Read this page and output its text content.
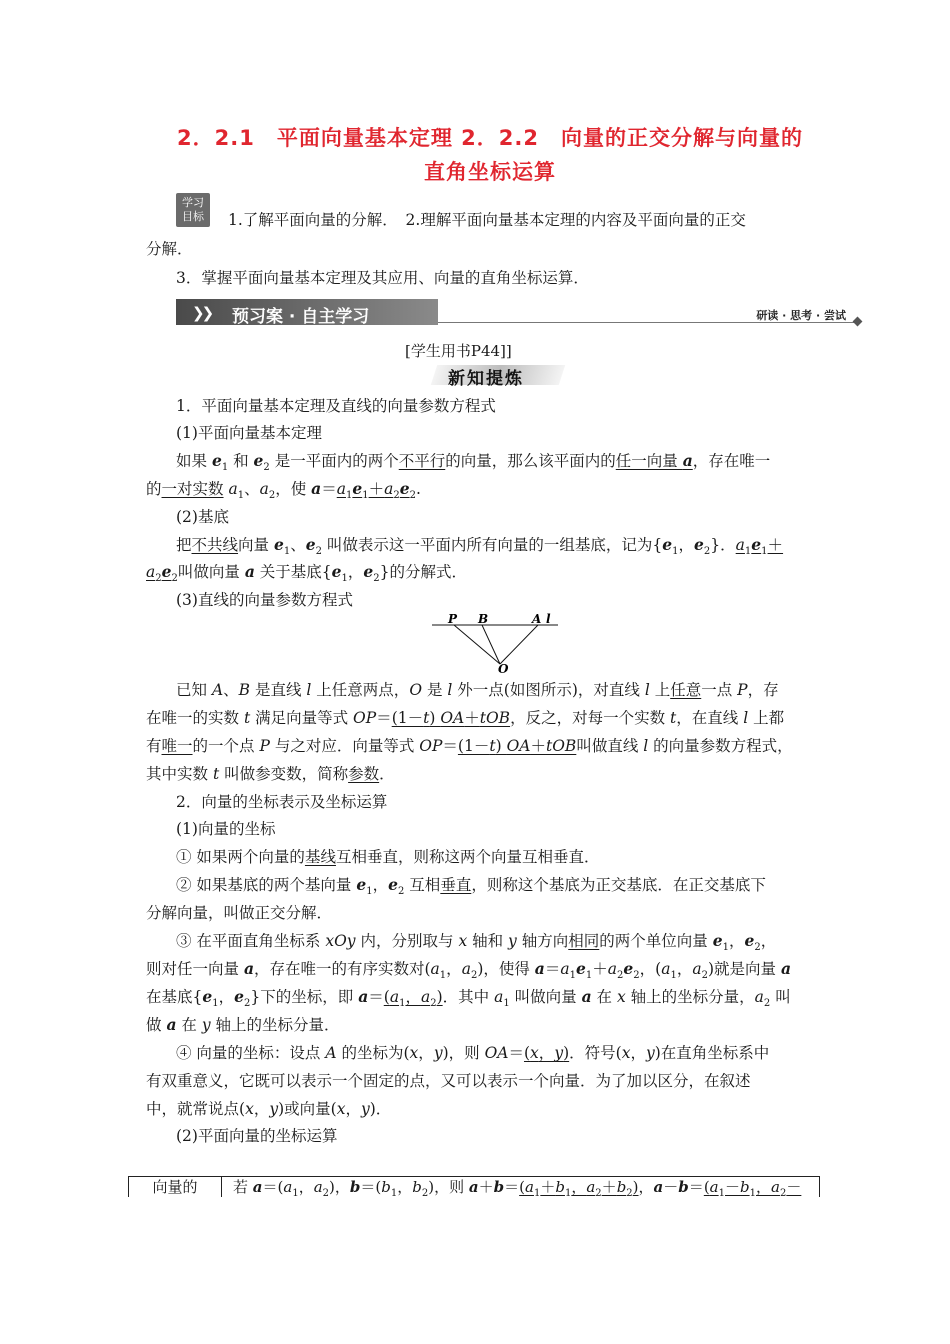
2．2.1　平面向量基本定理 2．2.2　向量的正交分解与向量的
直角坐标运算
学习
目标	1.了解平面向量的分解．　2.理解平面向量基本定理的内容及平面向量的正交
分解．
3．掌握平面向量基本定理及其应用、向量的直角坐标运算．
❯❯ 预习案 · 自主学习	研读 · 思考 · 尝试
[学生用书P44]]
新知提炼
1．平面向量基本定理及直线的向量参数方程式
(1)平面向量基本定理
如果 $e_1$ 和 $e_2$ 是一平面内的两个不平行的向量，那么该平面内的任一向量 a，存在唯一
的一对实数 $a_1$、$a_2$，使 $a=a_1e_1+a_2e_2$.
(2)基底
把不共线向量 $e_1$、$e_2$ 叫做表示这一平面内所有向量的一组基底，记为{$e_1$，$e_2$}．$a_1e_1+$
$a_2e_2$叫做向量 a 关于基底{$e_1$，$e_2$}的分解式．
(3)直线的向量参数方程式
P B	A l
O
已知 A、B 是直线 l 上任意两点，O 是 l 外一点(如图所示)，对直线 l 上任意一点 P，存
在唯一的实数 t 满足向量等式 OP＝(1－t) OA＋tOB，反之，对每一个实数 t，在直线 l 上都
有唯一的一个点 P 与之对应．向量等式 OP＝(1－t) OA＋tOB叫做直线 l 的向量参数方程式，
其中实数 t 叫做参变数，简称参数．
2．向量的坐标表示及坐标运算
(1)向量的坐标
① 如果两个向量的基线互相垂直，则称这两个向量互相垂直．
② 如果基底的两个基向量 $e_1$，$e_2$ 互相垂直，则称这个基底为正交基底．在正交基底下
分解向量，叫做正交分解．
③ 在平面直角坐标系 xOy 内，分别取与 x 轴和 y 轴方向相同的两个单位向量 $e_1$，$e_2$，
则对任一向量 a，存在唯一的有序实数对($a_1$，$a_2$)，使得 $a=a_1e_1+a_2e_2$，($a_1$，$a_2$)就是向量 a
在基底{$e_1$，$e_2$}下的坐标，即 $a=(a_1$，$a_2$)．其中 $a_1$ 叫做向量 a 在 x 轴上的坐标分量，$a_2$ 叫
做 a 在 y 轴上的坐标分量．
④ 向量的坐标：设点 A 的坐标为(x，y)，则 OA＝(x，y)．符号(x，y)在直角坐标系中
有双重意义，它既可以表示一个固定的点，又可以表示一个向量．为了加以区分，在叙述
中，就常说点(x，y)或向量(x，y)．
(2)平面向量的坐标运算
向量的	若 $a=(a_1$，$a_2$)，$b=(b_1$，$b_2$)，则 $a+b=(a_1+b_1$，$a_2+b_2$)，$a-b=(a_1-b_1$，$a_2-$
